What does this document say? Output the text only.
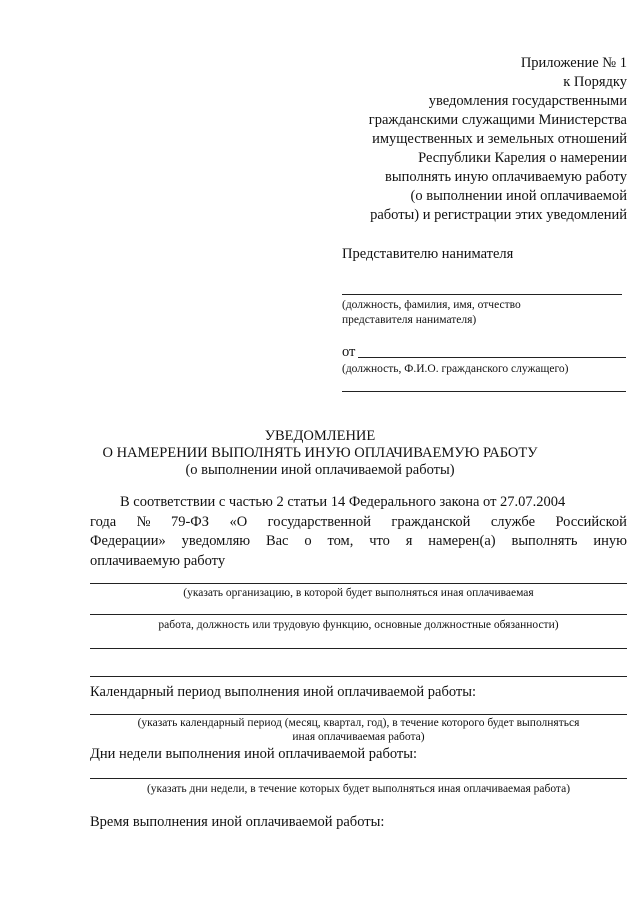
Приложение № 1
к Порядку
уведомления государственными
гражданскими служащими Министерства
имущественных и земельных отношений
Республики Карелия о намерении
выполнять иную оплачиваемую работу
(о выполнении иной оплачиваемой
работы) и регистрации этих уведомлений
Представителю нанимателя
(должность, фамилия, имя, отчество
представителя нанимателя)
от
(должность, Ф.И.О. гражданского служащего)
УВЕДОМЛЕНИЕ
О НАМЕРЕНИИ ВЫПОЛНЯТЬ ИНУЮ ОПЛАЧИВАЕМУЮ РАБОТУ
(о выполнении иной оплачиваемой работы)
В соответствии с частью 2 статьи 14 Федерального закона от 27.07.2004
года № 79-ФЗ «О государственной гражданской службе Российской
Федерации» уведомляю Вас о том, что я намерен(а) выполнять иную
оплачиваемую работу
(указать организацию, в которой будет выполняться иная оплачиваемая
работа, должность или трудовую функцию, основные должностные обязанности)
Календарный период выполнения иной оплачиваемой работы:
(указать календарный период (месяц, квартал, год), в течение которого будет выполняться
иная оплачиваемая работа)
Дни недели выполнения иной оплачиваемой работы:
(указать дни недели, в течение которых будет выполняться иная оплачиваемая работа)
Время выполнения иной оплачиваемой работы:
